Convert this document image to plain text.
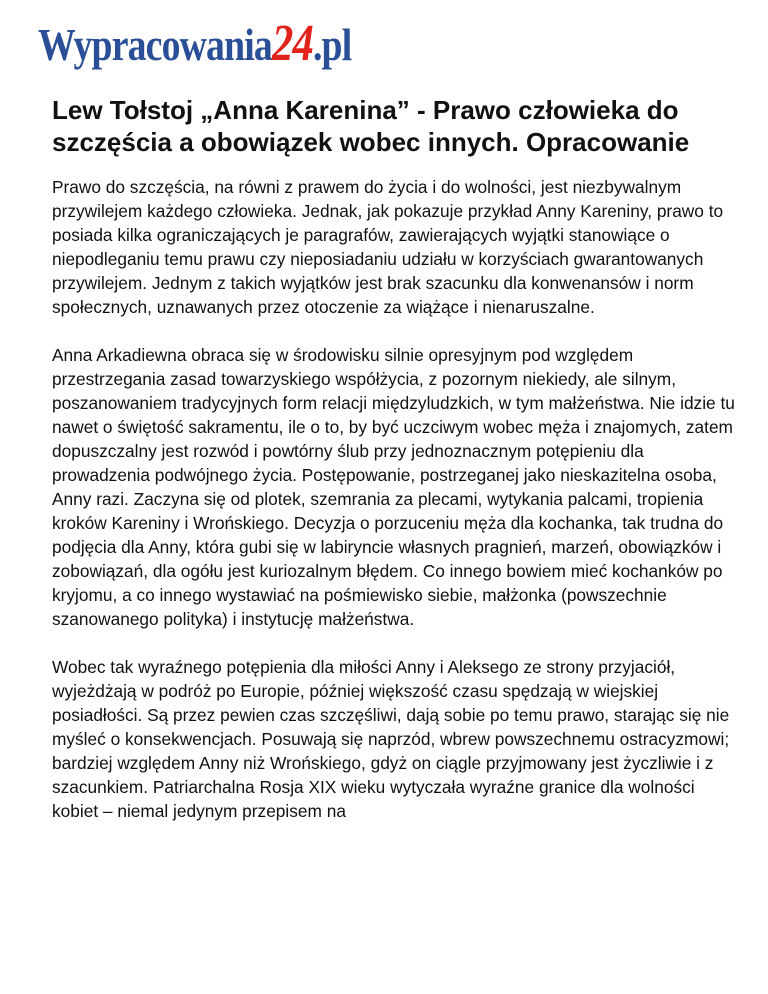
Wypracowania 24 .pl
Lew Tołstoj „Anna Karenina” - Prawo człowieka do szczęścia a obowiązek wobec innych. Opracowanie

Prawo do szczęścia, na równi z prawem do życia i do wolności, jest niezbywalnym przywilejem każdego człowieka. Jednak, jak pokazuje przykład Anny Kareniny, prawo to posiada kilka ograniczających je paragrafów, zawierających wyjątki stanowiące o niepodleganiu temu prawu czy nieposiadaniu udziału w korzyściach gwarantowanych przywilejem. Jednym z takich wyjątków jest brak szacunku dla konwenansów i norm społecznych, uznawanych przez otoczenie za wiążące i nienaruszalne.

Anna Arkadiewna obraca się w środowisku silnie opresyjnym pod względem przestrzegania zasad towarzyskiego współżycia, z pozornym niekiedy, ale silnym, poszanowaniem tradycyjnych form relacji międzyludzkich, w tym małżeństwa. Nie idzie tu nawet o świętość sakramentu, ile o to, by być uczciwym wobec męża i znajomych, zatem dopuszczalny jest rozwód i powtórny ślub przy jednoznacznym potępieniu dla prowadzenia podwójnego życia. Postępowanie, postrzeganej jako nieskazitelna osoba, Anny razi. Zaczyna się od plotek, szemrania za plecami, wytykania palcami, tropienia kroków Kareniny i Wrońskiego. Decyzja o porzuceniu męża dla kochanka, tak trudna do podjęcia dla Anny, która gubi się w labiryncie własnych pragnień, marzeń, obowiązków i zobowiązań, dla ogółu jest kuriozalnym błędem. Co innego bowiem mieć kochanków po kryjomu, a co innego wystawiać na pośmiewisko siebie, małżonka (powszechnie szanowanego polityka) i instytucję małżeństwa.

Wobec tak wyraźnego potępienia dla miłości Anny i Aleksego ze strony przyjaciół, wyjeżdżają w podróż po Europie, później większość czasu spędzają w wiejskiej posiadłości. Są przez pewien czas szczęśliwi, dają sobie po temu prawo, starając się nie myśleć o konsekwencjach. Posuwają się naprzód, wbrew powszechnemu ostracyzmowi; bardziej względem Anny niż Wrońskiego, gdyż on ciągle przyjmowany jest życzliwie i z szacunkiem. Patriarchalna Rosja XIX wieku wytyczała wyraźne granice dla wolności kobiet – niemal jedynym przepisem na
